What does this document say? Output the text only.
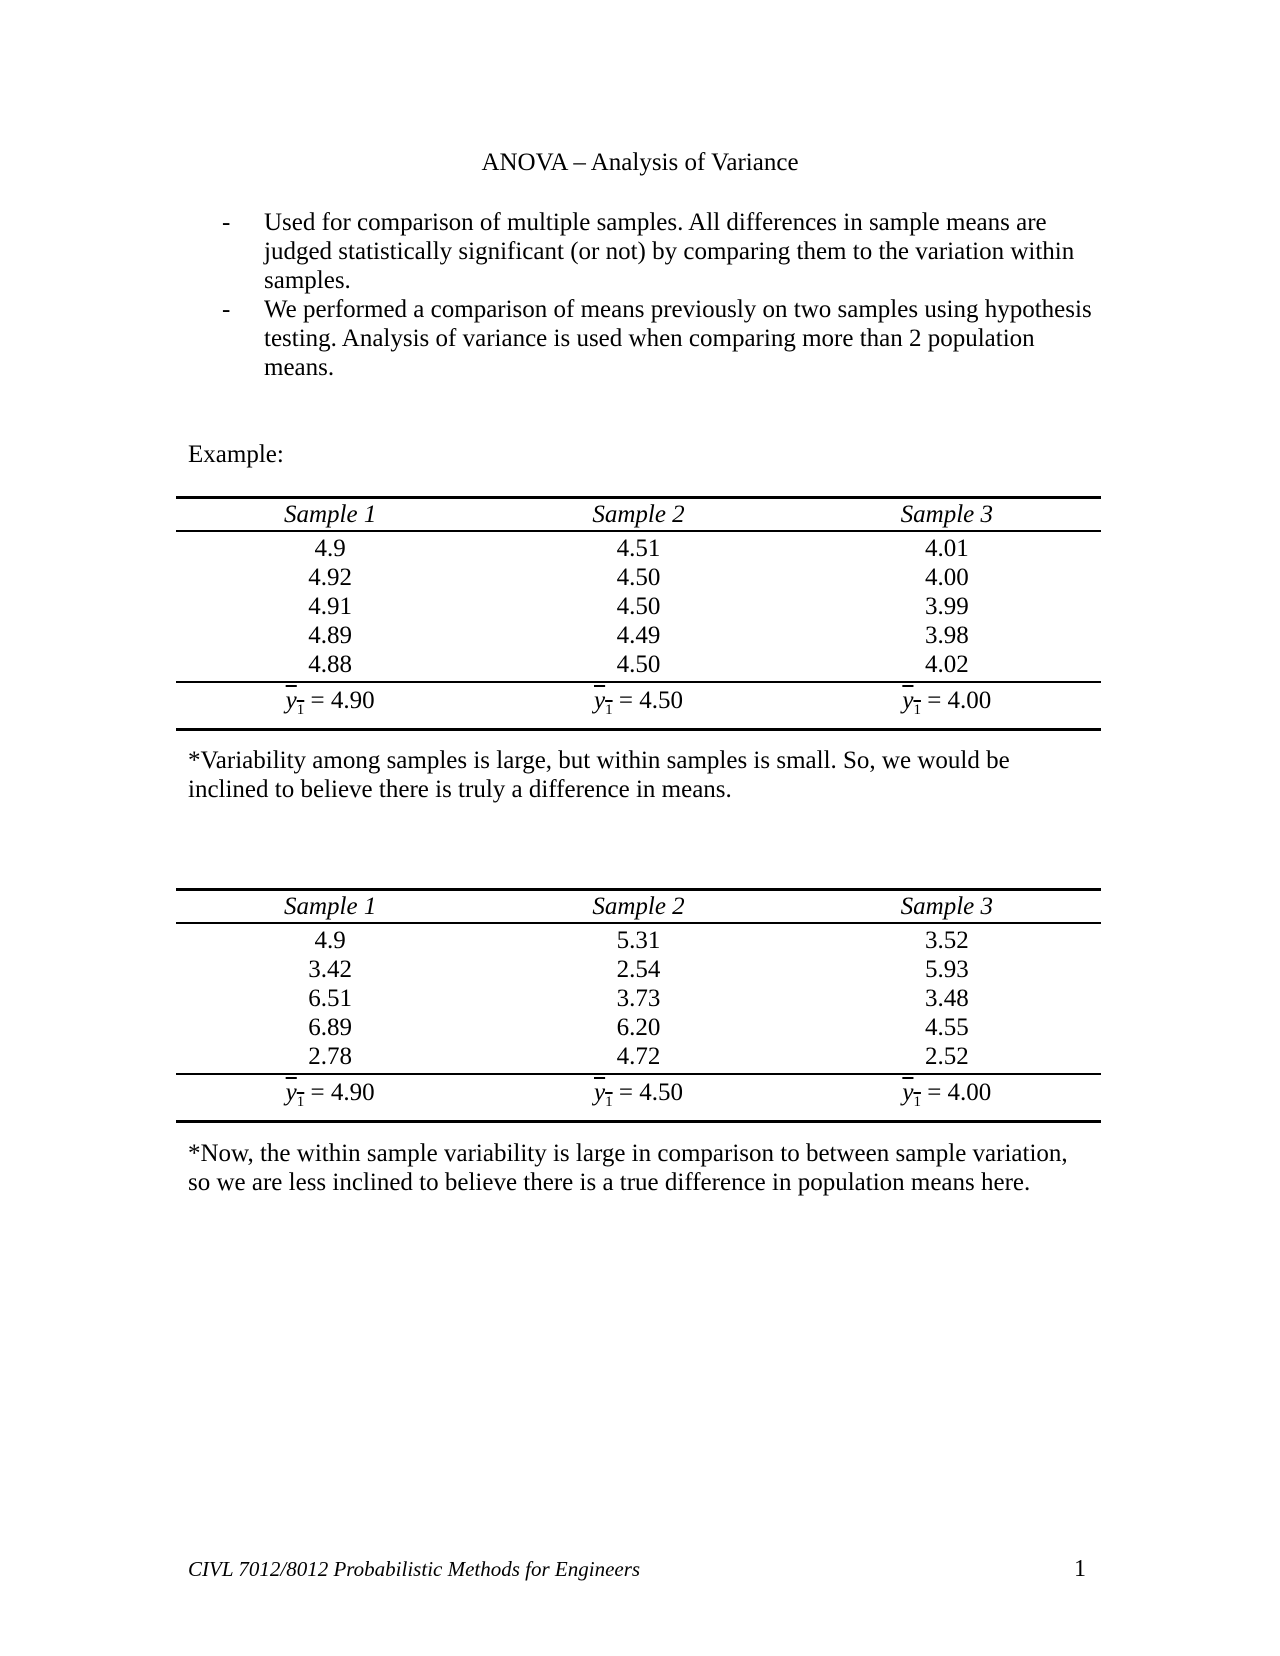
ANOVA – Analysis of Variance
- Used for comparison of multiple samples. All differences in sample means are judged statistically significant (or not) by comparing them to the variation within samples.
- We performed a comparison of means previously on two samples using hypothesis testing. Analysis of variance is used when comparing more than 2 population means.
Example:
Sample 1	Sample 2	Sample 3
4.9	4.51	4.01
4.92	4.50	4.00
4.91	4.50	3.99
4.89	4.49	3.98
4.88	4.50	4.02
$y_1 = 4.90$	$y_1 = 4.50$	$y_1 = 4.00$

*Variability among samples is large, but within samples is small. So, we would be inclined to believe there is truly a difference in means.

Sample 1	Sample 2	Sample 3
4.9	5.31	3.52
3.42	2.54	5.93
6.51	3.73	3.48
6.89	6.20	4.55
2.78	4.72	2.52
$y_1 = 4.90$	$y_1 = 4.50$	$y_1 = 4.00$

*Now, the within sample variability is large in comparison to between sample variation, so we are less inclined to believe there is a true difference in population means here.

CIVL 7012/8012 Probabilistic Methods for Engineers	1
